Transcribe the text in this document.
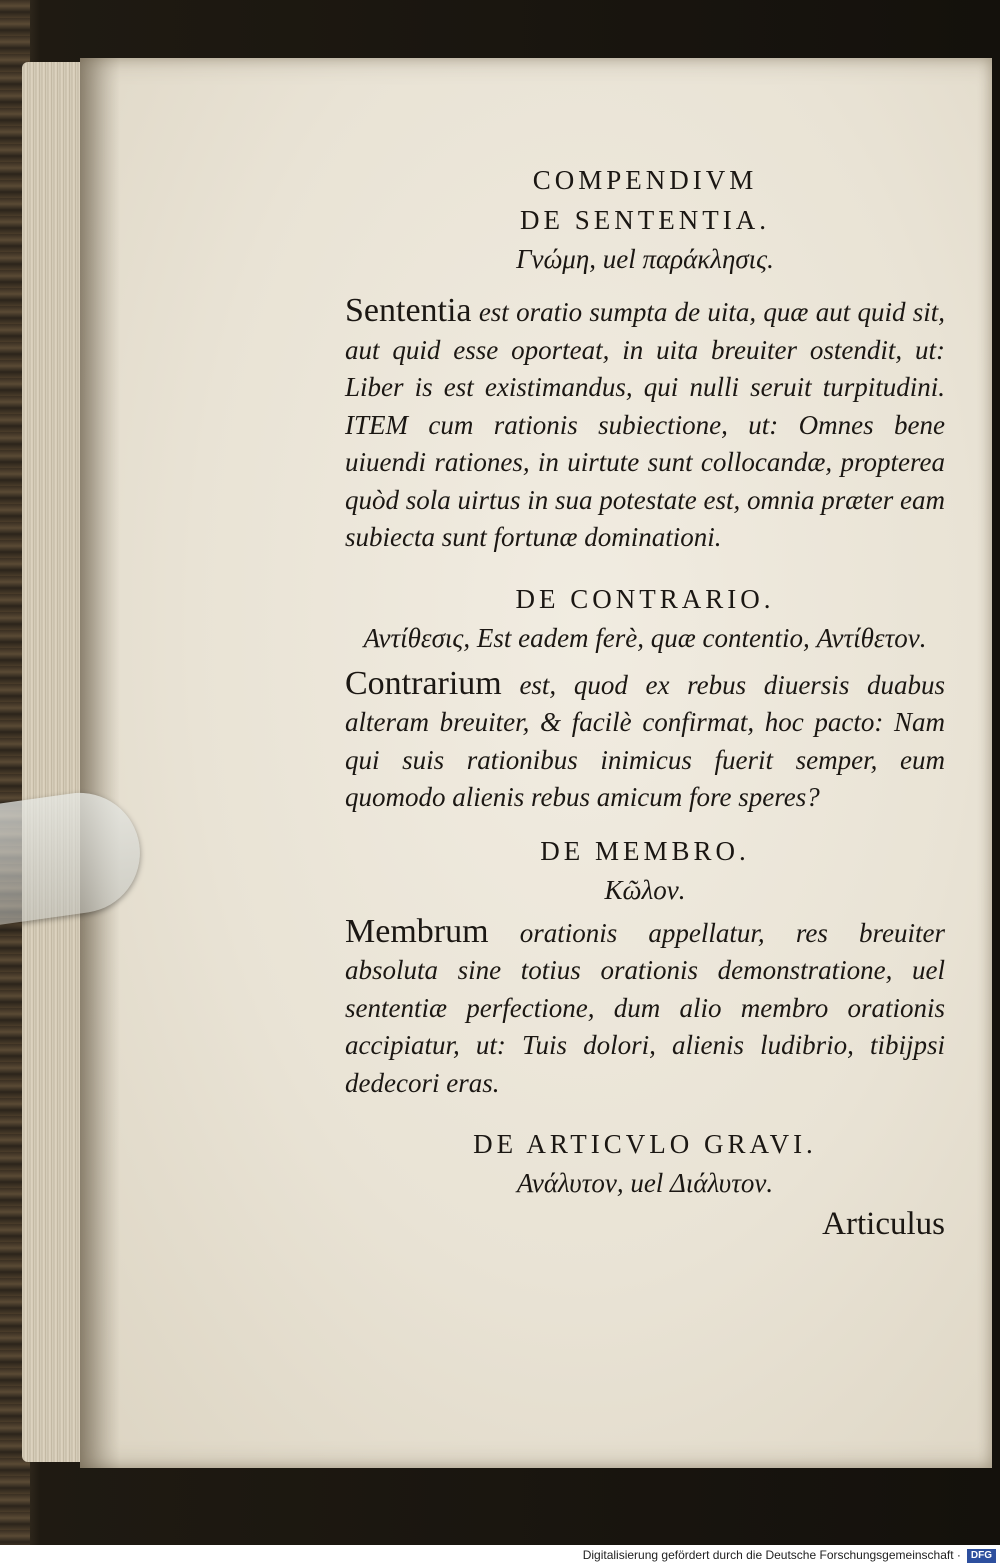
COMPENDIVM

DE SENTENTIA.

Γνώμη, uel παράκλησις.

Sententia est oratio sumpta de uita, quæ aut quid sit, aut quid esse oporteat, in uita breuiter ostendit, ut: Liber is est existimandus, qui nulli seruit turpitudini. ITEM cum rationis subiectione, ut: Omnes bene uiuendi rationes, in uirtute sunt collocandæ, propterea quòd sola uirtus in sua potestate est, omnia præter eam subiecta sunt fortunæ dominationi.

DE CONTRARIO.

Αντίθεσις, Est eadem ferè, quæ contentio, Αντίθετον.

Contrarium est, quod ex rebus diuersis duabus alteram breuiter, & facilè confirmat, hoc pacto: Nam qui suis rationibus inimicus fuerit semper, eum quomodo alienis rebus amicum fore speres?

DE MEMBRO.

Κῶλον.

Membrum orationis appellatur, res breuiter absoluta sine totius orationis demonstratione, uel sententiæ perfectione, dum alio membro orationis accipiatur, ut: Tuis dolori, alienis ludibrio, tibijpsi dedecori eras.

DE ARTICVLO GRAVI.

Ανάλυτον, uel Διάλυτον.

Articulus

Digitalisierung gefördert durch die Deutsche Forschungsgemeinschaft · DFG
